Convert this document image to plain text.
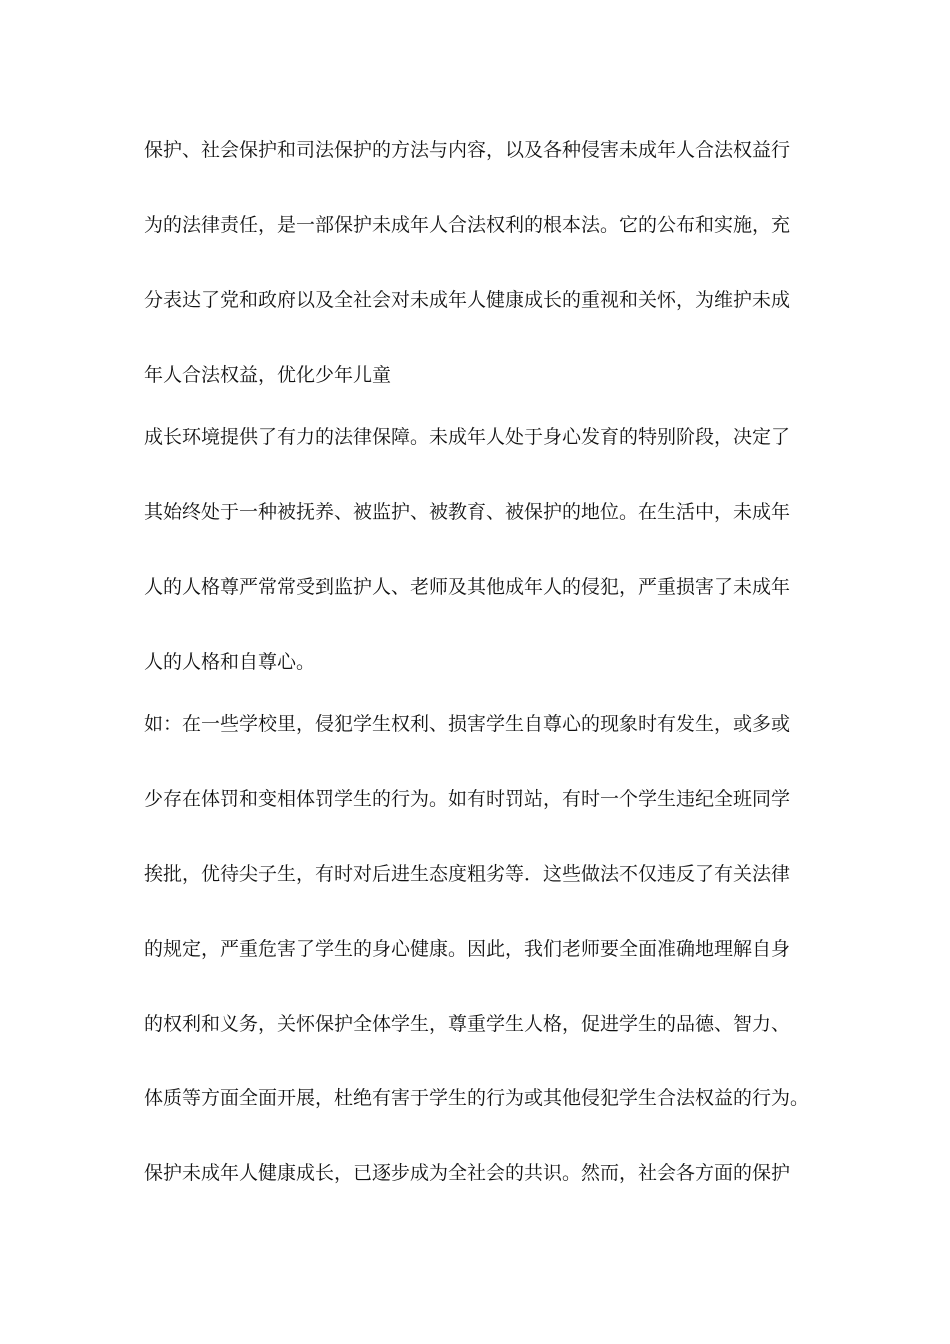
保护、社会保护和司法保护的方法与内容，以及各种侵害未成年人合法权益行
为的法律责任，是一部保护未成年人合法权利的根本法。它的公布和实施，充
分表达了党和政府以及全社会对未成年人健康成长的重视和关怀，为维护未成
年人合法权益，优化少年儿童
成长环境提供了有力的法律保障。未成年人处于身心发育的特别阶段，决定了
其始终处于一种被抚养、被监护、被教育、被保护的地位。在生活中，未成年
人的人格尊严常常受到监护人、老师及其他成年人的侵犯，严重损害了未成年
人的人格和自尊心。
如：在一些学校里，侵犯学生权利、损害学生自尊心的现象时有发生，或多或
少存在体罚和变相体罚学生的行为。如有时罚站，有时一个学生违纪全班同学
挨批，优待尖子生，有时对后进生态度粗劣等．这些做法不仅违反了有关法律
的规定，严重危害了学生的身心健康。因此，我们老师要全面准确地理解自身
的权利和义务，关怀保护全体学生，尊重学生人格，促进学生的品德、智力、
体质等方面全面开展，杜绝有害于学生的行为或其他侵犯学生合法权益的行为。
保护未成年人健康成长，已逐步成为全社会的共识。然而，社会各方面的保护
